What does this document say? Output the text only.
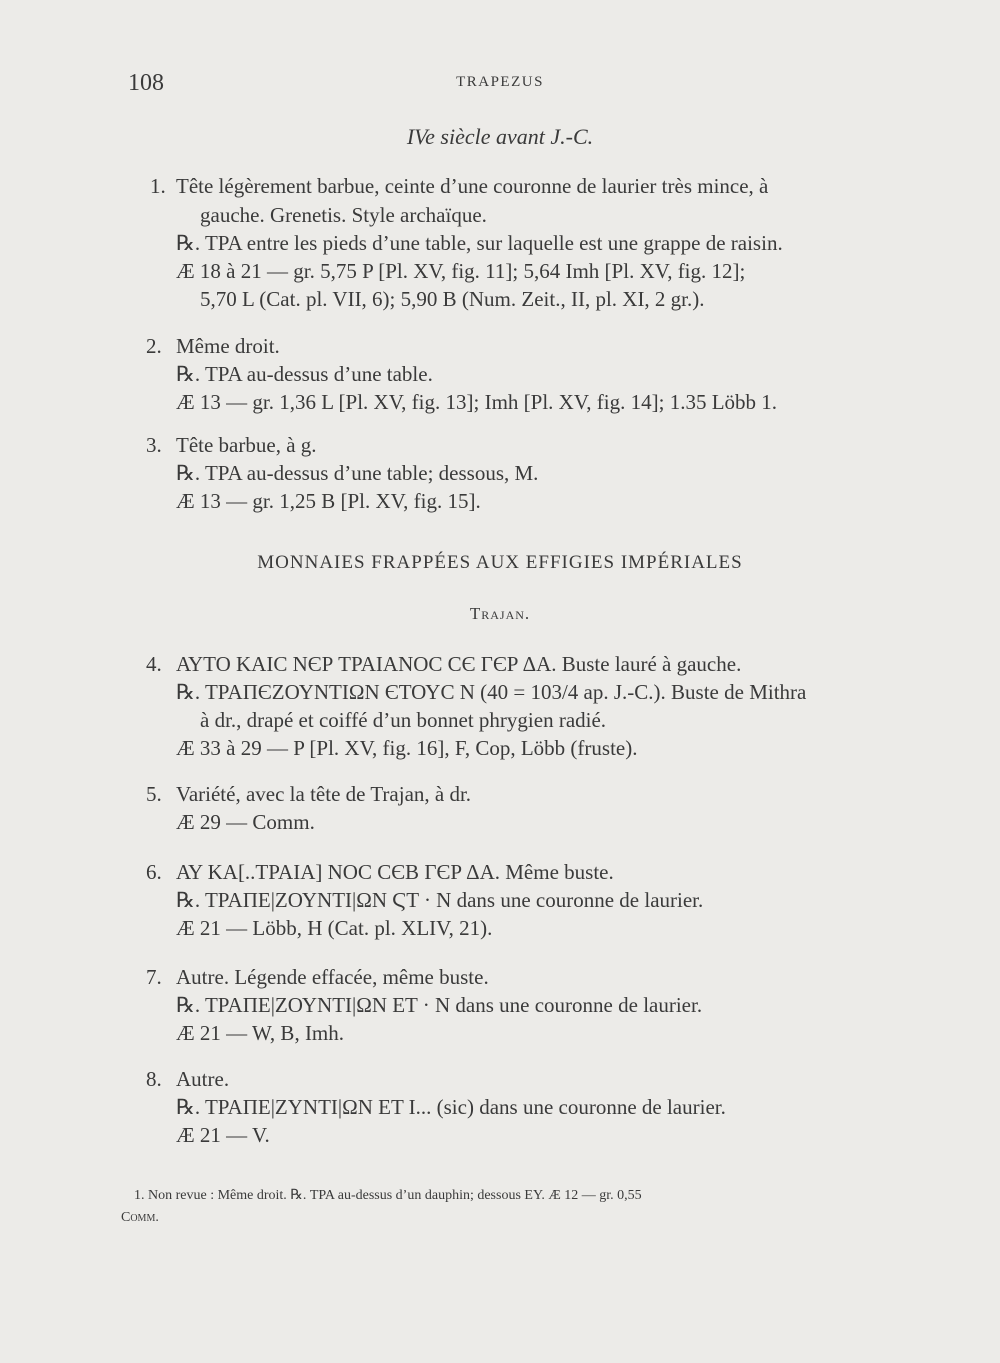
108	TRAPEZUS
IVe siècle avant J.-C.
1. Tête légèrement barbue, ceinte d’une couronne de laurier très mince, à
gauche. Grenetis. Style archaïque.
℞. ΤΡΑ entre les pieds d’une table, sur laquelle est une grappe de raisin.
Æ 18 à 21 — gr. 5,75 P [Pl. XV, fig. 11]; 5,64 Imh [Pl. XV, fig. 12];
5,70 L (Cat. pl. VII, 6); 5,90 B (Num. Zeit., II, pl. XI, 2 gr.).
2. Même droit.
℞. ΤΡΑ au-dessus d’une table.
Æ 13 — gr. 1,36 L [Pl. XV, fig. 13]; Imh [Pl. XV, fig. 14]; 1.35 Löbb 1.
3. Tête barbue, à g.
℞. ΤΡΑ au-dessus d’une table; dessous, Μ.
Æ 13 — gr. 1,25 B [Pl. XV, fig. 15].
MONNAIES FRAPPÉES AUX EFFIGIES IMPÉRIALES
Trajan.
4. ΑΥΤΟ ΚΑΙϹ ΝЄΡ ΤΡΑΙΑΝΟϹ CЄ ΓЄΡ ΔΑ. Buste lauré à gauche.
℞. ΤΡΑΠЄΖΟΥΝΤΙΩΝ ЄΤΟΥϹ Ν (40 = 103/4 ap. J.-C.). Buste de Mithra
à dr., drapé et coiffé d’un bonnet phrygien radié.
Æ 33 à 29 — P [Pl. XV, fig. 16], F, Cop, Löbb (fruste).
5. Variété, avec la tête de Trajan, à dr.
Æ 29 — Comm.
6. ΑΥ ΚΑ[..ΤΡΑΙΑ] ΝΟϹ CЄΒ ΓЄΡ ΔΑ. Même buste.
℞. ΤΡΑΠΕ|ΖΟΥΝΤΙ|ΩΝ ϚΤ · Ν dans une couronne de laurier.
Æ 21 — Löbb, H (Cat. pl. XLIV, 21).
7. Autre. Légende effacée, même buste.
℞. ΤΡΑΠΕ|ΖΟΥΝΤΙ|ΩΝ ΕΤ · Ν dans une couronne de laurier.
Æ 21 — W, B, Imh.
8. Autre.
℞. ΤΡΑΠΕ|ΖΥΝΤΙ|ΩΝ ΕΤ Ι... (sic) dans une couronne de laurier.
Æ 21 — V.
1. Non revue : Même droit. ℞. ΤΡΑ au-dessus d’un dauphin; dessous ΕΥ. Æ 12 — gr. 0,55
Comm.
